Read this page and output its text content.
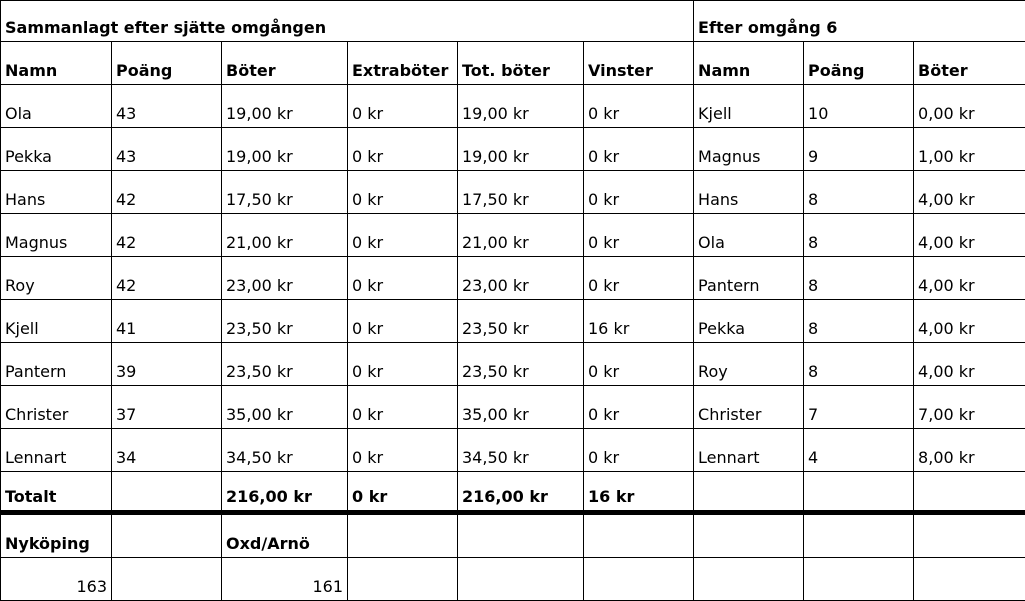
Sammanlagt efter sjätte omgången						Efter omgång 6		
Namn	Poäng	Böter	Extraböter	Tot. böter	Vinster	Namn	Poäng	Böter
Ola	43	19,00 kr	0 kr	19,00 kr	0 kr	Kjell	10	0,00 kr
Pekka	43	19,00 kr	0 kr	19,00 kr	0 kr	Magnus	9	1,00 kr
Hans	42	17,50 kr	0 kr	17,50 kr	0 kr	Hans	8	4,00 kr
Magnus	42	21,00 kr	0 kr	21,00 kr	0 kr	Ola	8	4,00 kr
Roy	42	23,00 kr	0 kr	23,00 kr	0 kr	Pantern	8	4,00 kr
Kjell	41	23,50 kr	0 kr	23,50 kr	16 kr	Pekka	8	4,00 kr
Pantern	39	23,50 kr	0 kr	23,50 kr	0 kr	Roy	8	4,00 kr
Christer	37	35,00 kr	0 kr	35,00 kr	0 kr	Christer	7	7,00 kr
Lennart	34	34,50 kr	0 kr	34,50 kr	0 kr	Lennart	4	8,00 kr
Totalt		216,00 kr	0 kr	216,00 kr	16 kr			
Nyköping		Oxd/Arnö						
163		161						
